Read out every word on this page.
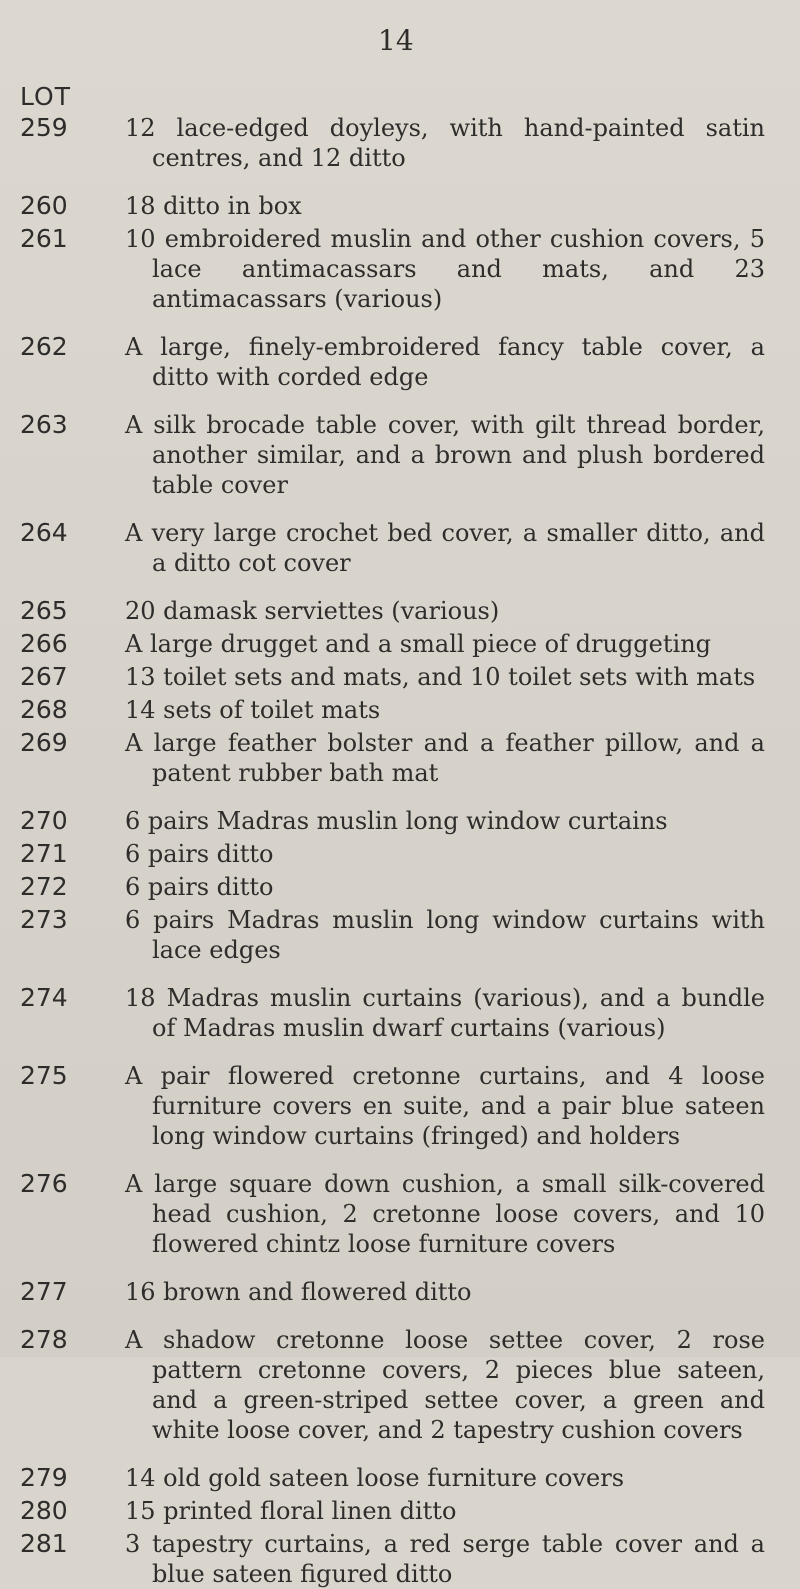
14
LOT
259	12 lace-edged doyleys, with hand-painted satin centres, and 12 ditto
260	18 ditto in box
261	10 embroidered muslin and other cushion covers, 5 lace antimacassars and mats, and 23 antimacassars (various)
262	A large, finely-embroidered fancy table cover, a ditto with corded edge
263	A silk brocade table cover, with gilt thread border, another similar, and a brown and plush bordered table cover
264	A very large crochet bed cover, a smaller ditto, and a ditto cot cover
265	20 damask serviettes (various)
266	A large drugget and a small piece of druggeting
267	13 toilet sets and mats, and 10 toilet sets with mats
268	14 sets of toilet mats
269	A large feather bolster and a feather pillow, and a patent rubber bath mat
270	6 pairs Madras muslin long window curtains
271	6 pairs ditto
272	6 pairs ditto
273	6 pairs Madras muslin long window curtains with lace edges
274	18 Madras muslin curtains (various), and a bundle of Madras muslin dwarf curtains (various)
275	A pair flowered cretonne curtains, and 4 loose furniture covers en suite, and a pair blue sateen long window curtains (fringed) and holders
276	A large square down cushion, a small silk-covered head cushion, 2 cretonne loose covers, and 10 flowered chintz loose furniture covers
277	16 brown and flowered ditto
278	A shadow cretonne loose settee cover, 2 rose pattern cretonne covers, 2 pieces blue sateen, and a green-striped settee cover, a green and white loose cover, and 2 tapestry cushion covers
279	14 old gold sateen loose furniture covers
280	15 printed floral linen ditto
281	3 tapestry curtains, a red serge table cover and a blue sateen figured ditto
